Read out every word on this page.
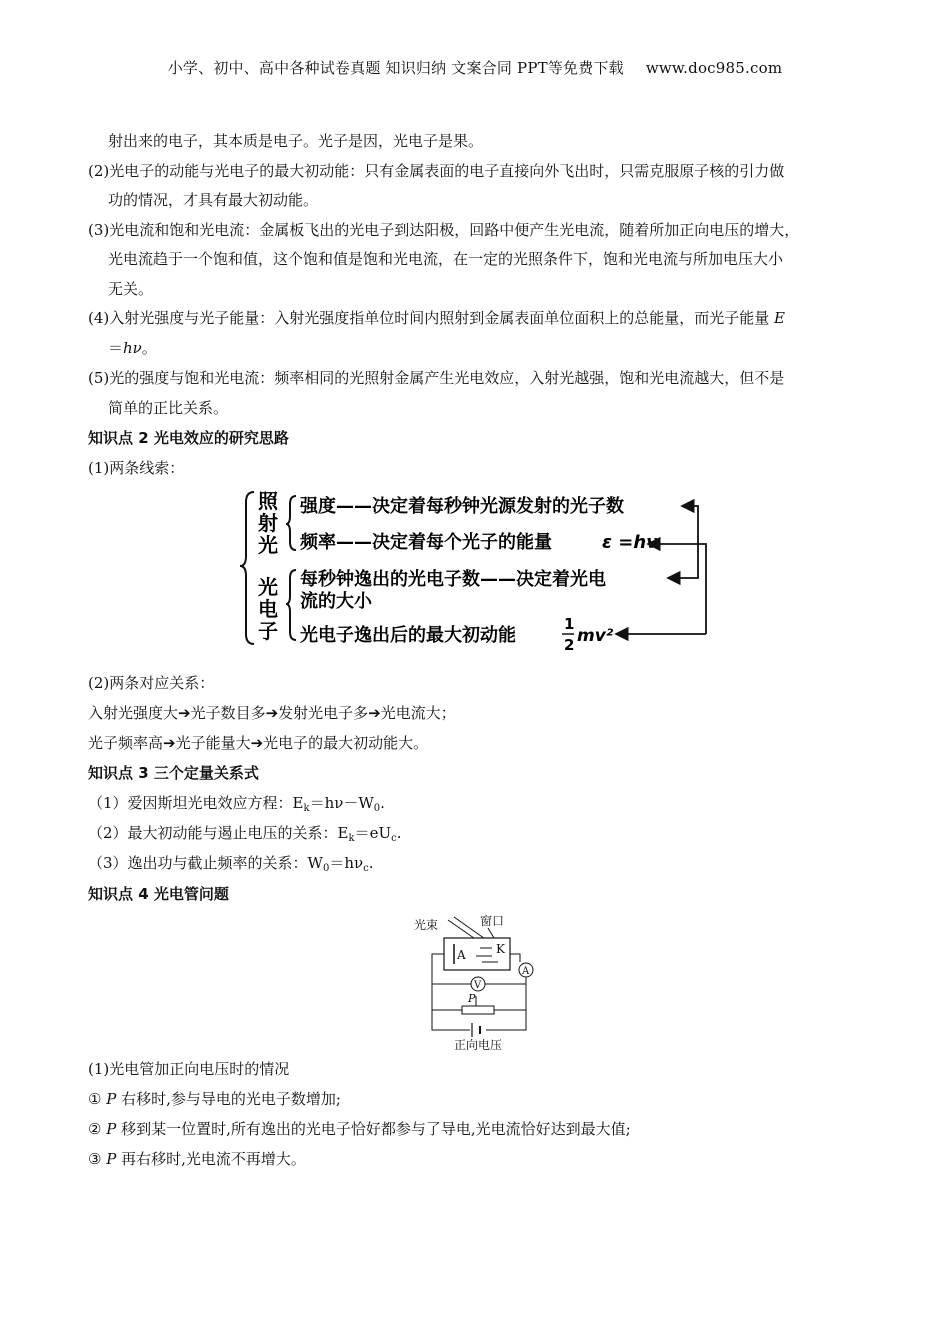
小学、初中、高中各种试卷真题 知识归纳 文案合同 PPT等免费下载 www.doc985.com
射出来的电子，其本质是电子。光子是因，光电子是果。
(2)光电子的动能与光电子的最大初动能：只有金属表面的电子直接向外飞出时，只需克服原子核的引力做
功的情况，才具有最大初动能。
(3)光电流和饱和光电流：金属板飞出的光电子到达阳极，回路中便产生光电流，随着所加正向电压的增大，
光电流趋于一个饱和值，这个饱和值是饱和光电流，在一定的光照条件下，饱和光电流与所加电压大小
无关。
(4)入射光强度与光子能量：入射光强度指单位时间内照射到金属表面单位面积上的总能量，而光子能量 E
＝hν。
(5)光的强度与饱和光电流：频率相同的光照射金属产生光电效应，入射光越强，饱和光电流越大，但不是
简单的正比关系。
知识点 2 光电效应的研究思路
(1)两条线索：
照
射
光
强度——决定着每秒钟光源发射的光子数
频率——决定着每个光子的能量	ε =hν
光
电
子
每秒钟逸出的光电子数——决定着光电
流的大小
光电子逸出后的最大初动能
1
2 mv²
(2)两条对应关系：
入射光强度大➔光子数目多➔发射光电子多➔光电流大；
光子频率高➔光子能量大➔光电子的最大初动能大。
知识点 3 三个定量关系式
（1）爱因斯坦光电效应方程：$E_k=h\nu-W_0$.
（2）最大初动能与遏止电压的关系：$E_k=eU_c$.
（3）逸出功与截止频率的关系：$W_0=h\nu_c$.
知识点 4 光电管问题
光束	窗口
A	K
A
V
P
正向电压
(1)光电管加正向电压时的情况
① P 右移时,参与导电的光电子数增加;
② P 移到某一位置时,所有逸出的光电子恰好都参与了导电,光电流恰好达到最大值;
③ P 再右移时,光电流不再增大。
